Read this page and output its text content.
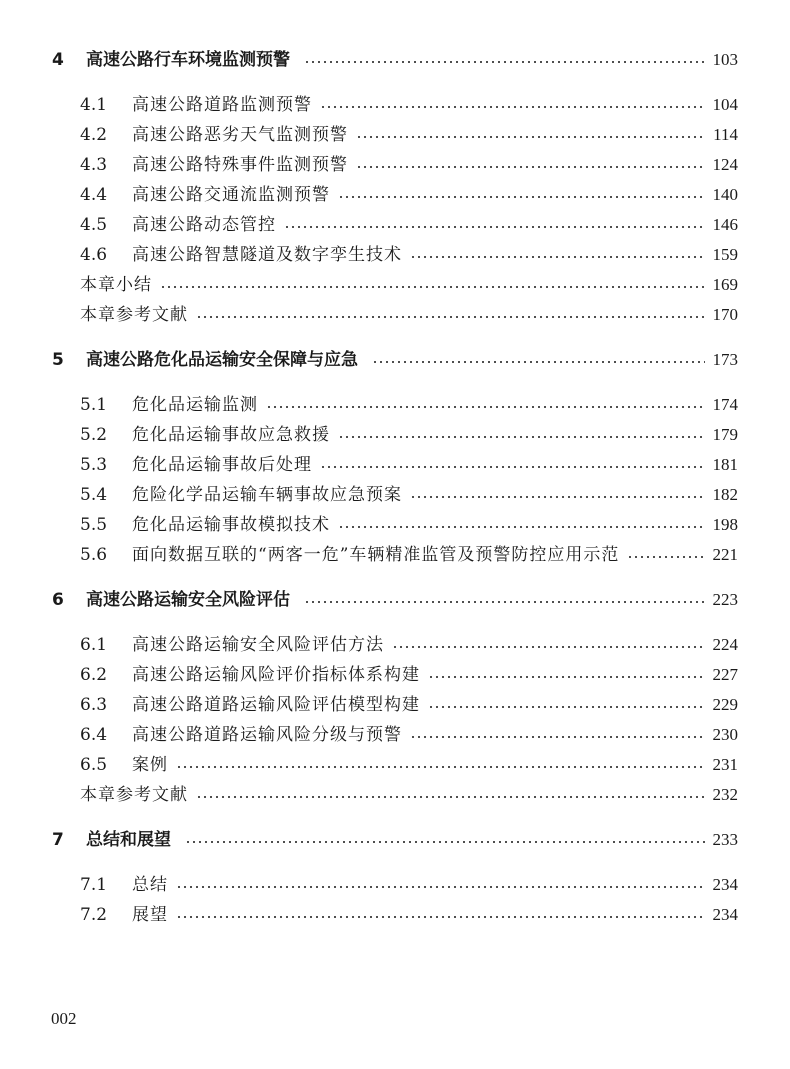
4	高速公路行车环境监测预警	103
4.1	高速公路道路监测预警	104
4.2	高速公路恶劣天气监测预警	114
4.3	高速公路特殊事件监测预警	124
4.4	高速公路交通流监测预警	140
4.5	高速公路动态管控	146
4.6	高速公路智慧隧道及数字孪生技术	159
本章小结	169
本章参考文献	170
5	高速公路危化品运输安全保障与应急	173
5.1	危化品运输监测	174
5.2	危化品运输事故应急救援	179
5.3	危化品运输事故后处理	181
5.4	危险化学品运输车辆事故应急预案	182
5.5	危化品运输事故模拟技术	198
5.6	面向数据互联的“两客一危”车辆精准监管及预警防控应用示范	221
6	高速公路运输安全风险评估	223
6.1	高速公路运输安全风险评估方法	224
6.2	高速公路运输风险评价指标体系构建	227
6.3	高速公路道路运输风险评估模型构建	229
6.4	高速公路道路运输风险分级与预警	230
6.5	案例	231
本章参考文献	232
7	总结和展望	233
7.1	总结	234
7.2	展望	234
002
